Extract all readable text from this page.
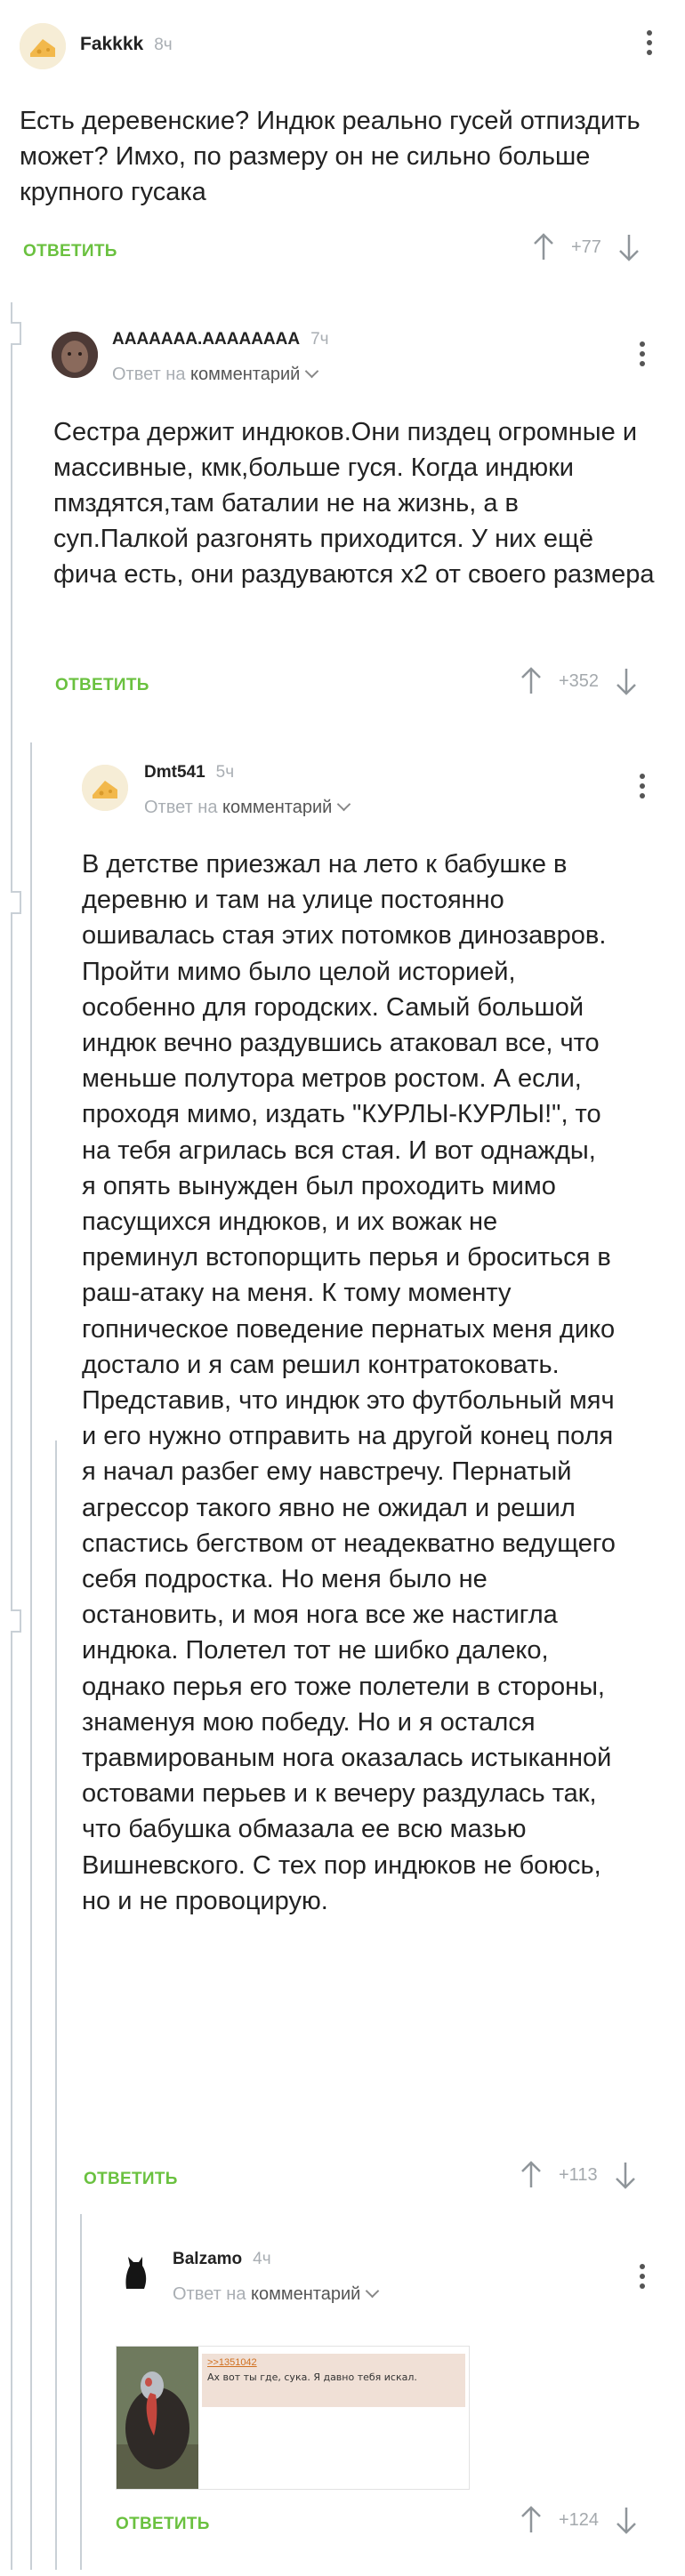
Fakkkk 8ч
Есть деревенские? Индюк реально гусей отпиздить может? Имхо, по размеру он не сильно больше крупного гусака
ОТВЕТИТЬ	+77
AAAAAAA.AAAAAAAA 7ч
Ответ на комментарий
Сестра держит индюков.Они пиздец огромные и массивные, кмк,больше гуся. Когда индюки пмздятся,там баталии не на жизнь, а в суп.Палкой разгонять приходится. У них ещё фича есть, они раздуваются х2 от своего размера
ОТВЕТИТЬ	+352
Dmt541 5ч
Ответ на комментарий
В детстве приезжал на лето к бабушке в деревню и там на улице постоянно ошивалась стая этих потомков динозавров. Пройти мимо было целой историей, особенно для городских. Самый большой индюк вечно раздувшись атаковал все, что меньше полутора метров ростом. А если, проходя мимо, издать "КУРЛЫ-КУРЛЫ!", то на тебя агрилась вся стая. И вот однажды, я опять вынужден был проходить мимо пасущихся индюков, и их вожак не преминул встопорщить перья и броситься в раш-атаку на меня. К тому моменту гопническое поведение пернатых меня дико достало и я сам решил контратоковать. Представив, что индюк это футбольный мяч и его нужно отправить на другой конец поля я начал разбег ему навстречу. Пернатый агрессор такого явно не ожидал и решил спастись бегством от неадекватно ведущего себя подростка. Но меня было не остановить, и моя нога все же настигла индюка. Полетел тот не шибко далеко, однако перья его тоже полетели в стороны, знаменуя мою победу. Но и я остался травмированым нога оказалась истыканной остовами перьев и к вечеру раздулась так, что бабушка обмазала ее всю мазью Вишневского. С тех пор индюков не боюсь, но и не провоцирую.
ОТВЕТИТЬ	+113
Balzamo 4ч
Ответ на комментарий
>>1351042
Ах вот ты где, сука. Я давно тебя искал.
ОТВЕТИТЬ	+124
